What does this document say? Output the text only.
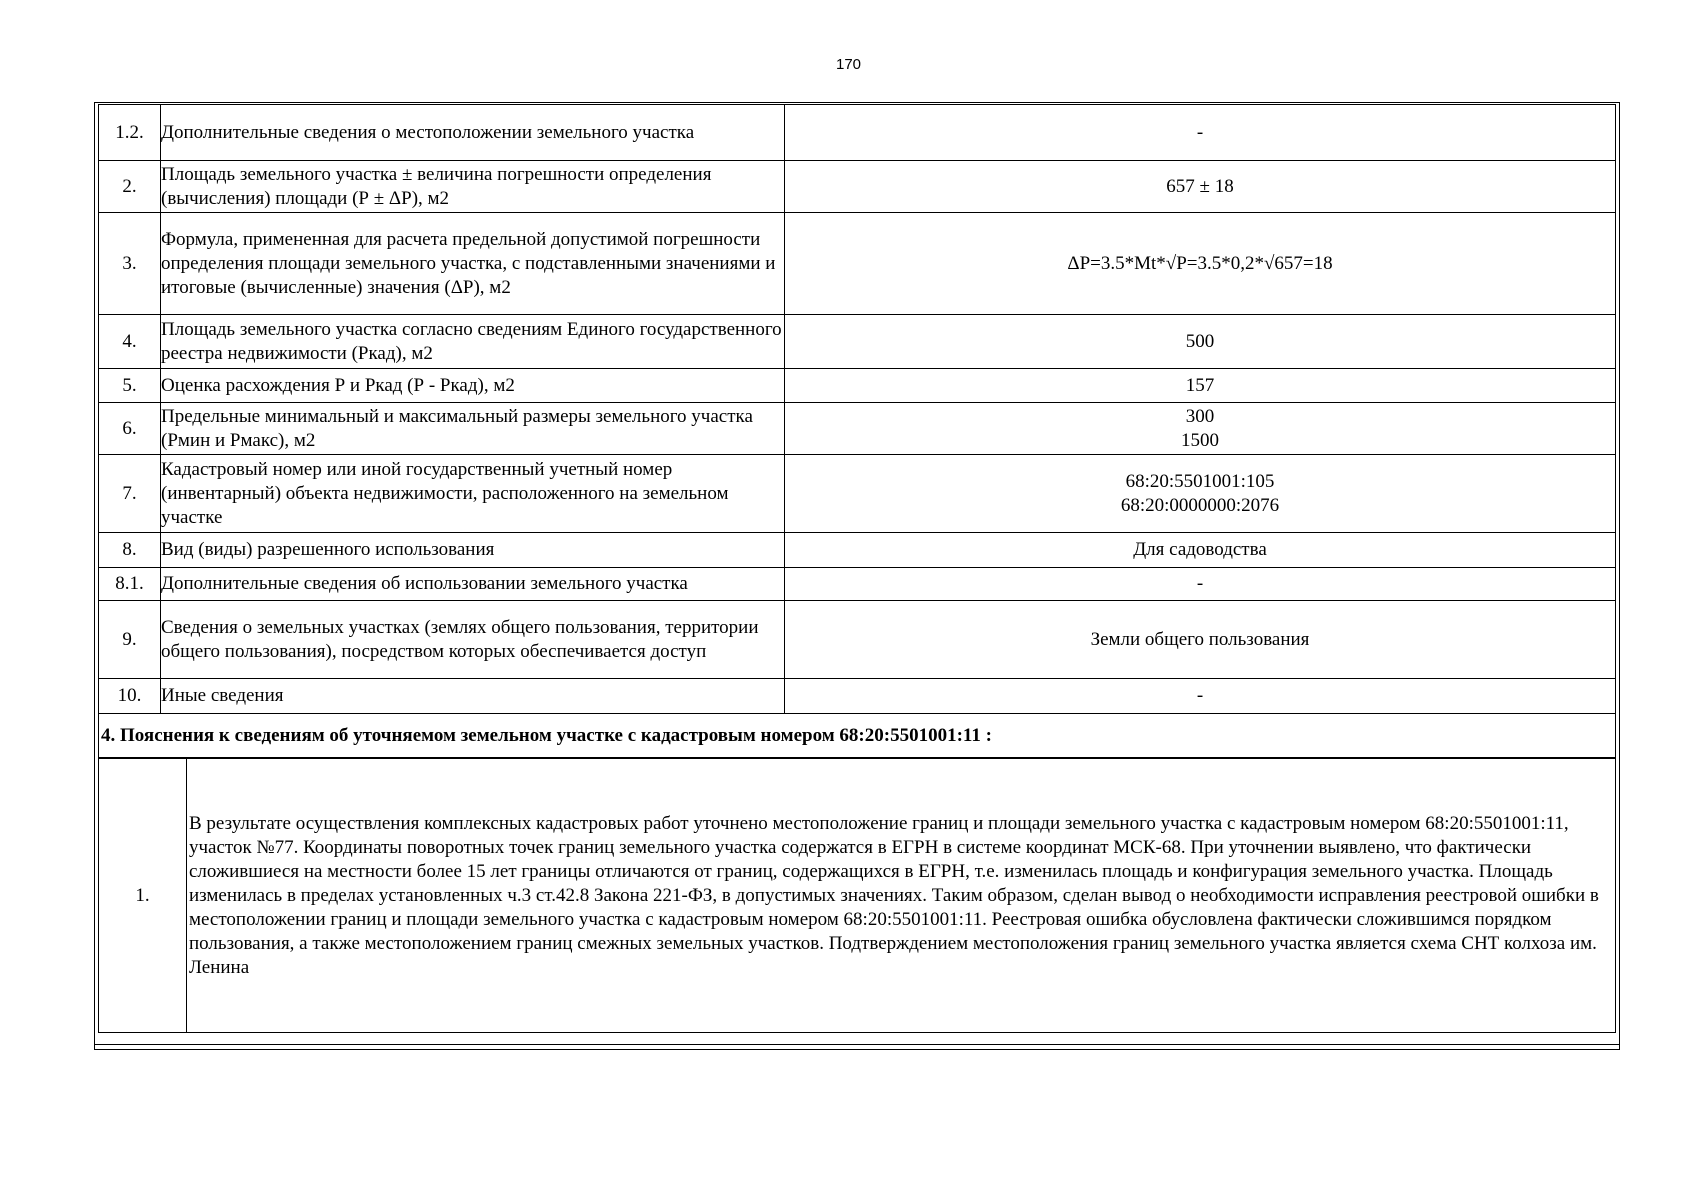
170
1.2.	Дополнительные сведения о местоположении земельного участка	-

2.	Площадь земельного участка ± величина погрешности определения (вычисления) площади (Р ± ΔР), м2	657 ± 18

3.	Формула, примененная для расчета предельной допустимой погрешности определения площади земельного участка, с подставленными значениями и итоговые (вычисленные) значения (ΔР), м2	ΔP=3.5*Mt*√P=3.5*0,2*√657=18

4.	Площадь земельного участка согласно сведениям Единого государственного реестра недвижимости (Ркад), м2	500

5.	Оценка расхождения Р и Ркад (Р - Ркад), м2	157

6.	Предельные минимальный и максимальный размеры земельного участка (Рмин и Рмакс), м2	300
1500

7.	Кадастровый номер или иной государственный учетный номер (инвентарный) объекта недвижимости, расположенного на земельном участке	68:20:5501001:105
68:20:0000000:2076

8.	Вид (виды) разрешенного использования	Для садоводства

8.1.	Дополнительные сведения об использовании земельного участка	-

9.	Сведения о земельных участках (землях общего пользования, территории общего пользования), посредством которых обеспечивается доступ	Земли общего пользования

10.	Иные сведения	-
4. Пояснения к сведениям об уточняемом земельном участке с кадастровым номером 68:20:5501001:11 :
1.	В результате осуществления комплексных кадастровых работ уточнено местоположение границ и площади земельного участка с кадастровым номером 68:20:5501001:11, участок №77. Координаты поворотных точек границ земельного участка содержатся в ЕГРН в системе координат МСК-68. При уточнении выявлено, что фактически сложившиеся на местности более 15 лет границы отличаются от границ, содержащихся в ЕГРН, т.е. изменилась площадь и конфигурация земельного участка. Площадь изменилась в пределах установленных ч.3 ст.42.8 Закона 221-ФЗ, в допустимых значениях. Таким образом, сделан вывод о необходимости исправления реестровой ошибки в местоположении границ и площади земельного участка с кадастровым номером 68:20:5501001:11. Реестровая ошибка обусловлена фактически сложившимся порядком пользования, а также местоположением границ смежных земельных участков. Подтверждением местоположения границ земельного участка является схема СНТ колхоза им. Ленина
